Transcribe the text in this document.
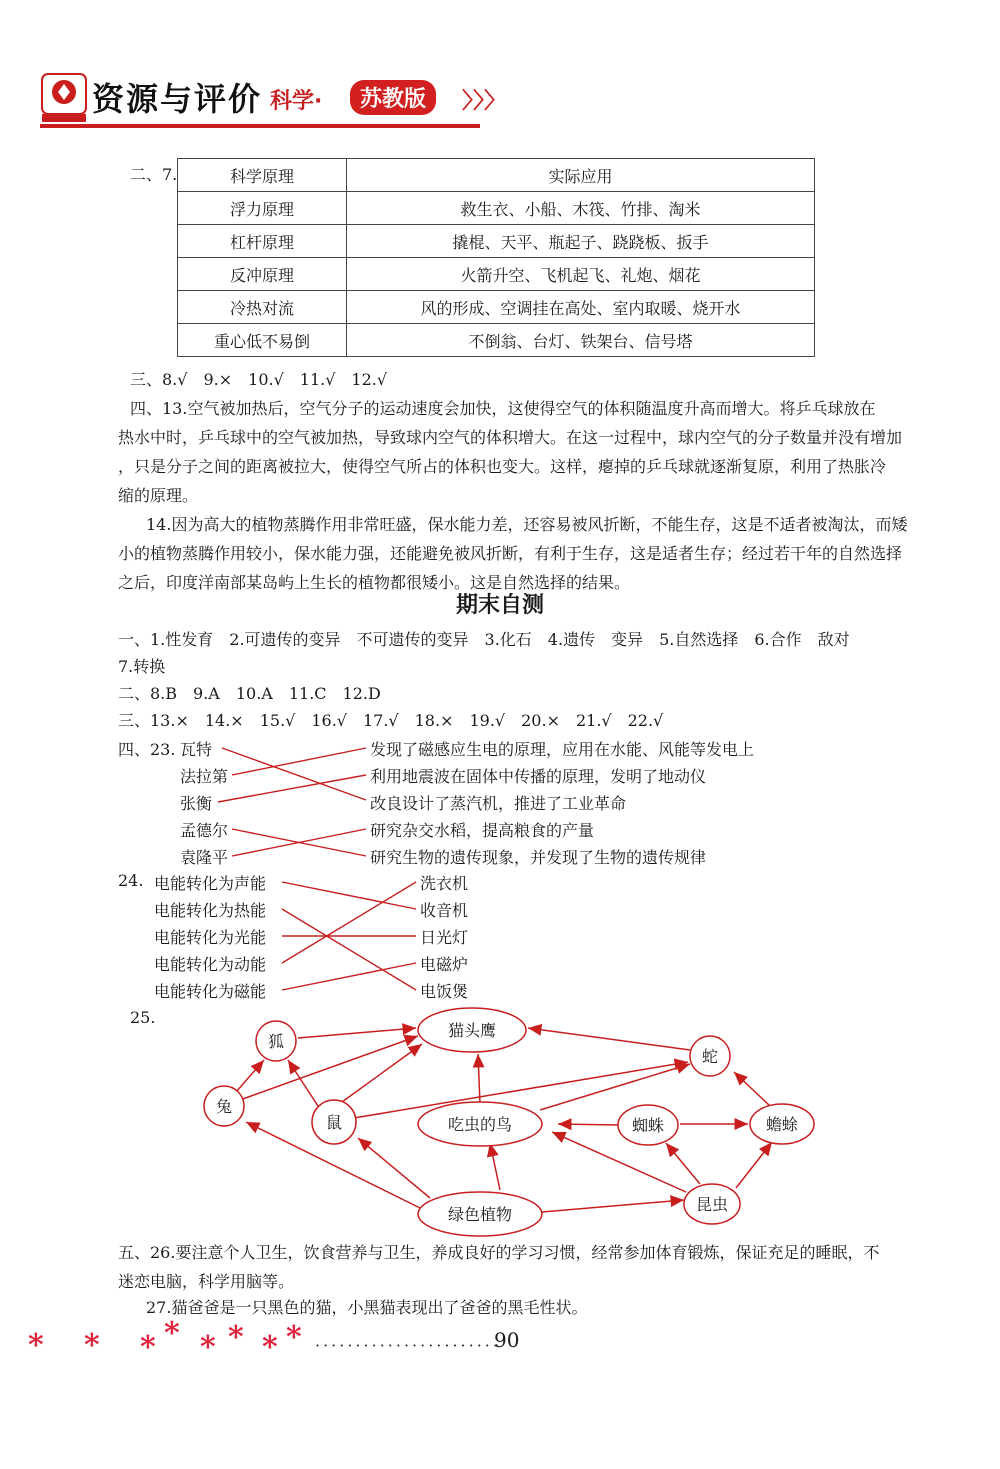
资源与评价 科学·	苏教版	〉〉〉
二、7.	科学原理	实际应用
浮力原理	救生衣、小船、木筏、竹排、淘米
杠杆原理	撬棍、天平、瓶起子、跷跷板、扳手
反冲原理	火箭升空、飞机起飞、礼炮、烟花
冷热对流	风的形成、空调挂在高处、室内取暖、烧开水
重心低不易倒	不倒翁、台灯、铁架台、信号塔
三、8.√　9.×　10.√　11.√　12.√
四、13.空气被加热后，空气分子的运动速度会加快，这使得空气的体积随温度升高而增大。将乒乓球放在
热水中时，乒乓球中的空气被加热，导致球内空气的体积增大。在这一过程中，球内空气的分子数量并没有增加
，只是分子之间的距离被拉大，使得空气所占的体积也变大。这样，瘪掉的乒乓球就逐渐复原，利用了热胀冷
缩的原理。
14.因为高大的植物蒸腾作用非常旺盛，保水能力差，还容易被风折断，不能生存，这是不适者被淘汰，而矮
小的植物蒸腾作用较小，保水能力强，还能避免被风折断，有利于生存，这是适者生存；经过若干年的自然选择
之后，印度洋南部某岛屿上生长的植物都很矮小。这是自然选择的结果。
期末自测
一、1.性发育　2.可遗传的变异　不可遗传的变异　3.化石　4.遗传　变异　5.自然选择　6.合作　敌对
7.转换
二、8.B　9.A　10.A　11.C　12.D
三、13.×　14.×　15.√　16.√　17.√　18.×　19.√　20.×　21.√　22.√
四、23. 瓦特
法拉第
张衡
孟德尔
袁隆平
发现了磁感应生电的原理，应用在水能、风能等发电上
利用地震波在固体中传播的原理，发明了地动仪
改良设计了蒸汽机，推进了工业革命
研究杂交水稻，提高粮食的产量
研究生物的遗传现象，并发现了生物的遗传规律
24. 电能转化为声能
电能转化为热能
电能转化为光能
电能转化为动能
电能转化为磁能
洗衣机
收音机
日光灯
电磁炉
电饭煲
25.
狐
猫头鹰
蛇
兔
鼠	吃虫的鸟	蜘蛛	蟾蜍
绿色植物
昆虫
五、26.要注意个人卫生，饮食营养与卫生，养成良好的学习习惯，经常参加体育锻炼，保证充足的睡眠，不
迷恋电脑，科学用脑等。
27.猫爸爸是一只黑色的猫，小黑猫表现出了爸爸的黑毛性状。
* * * * * * * * ·······················
90
